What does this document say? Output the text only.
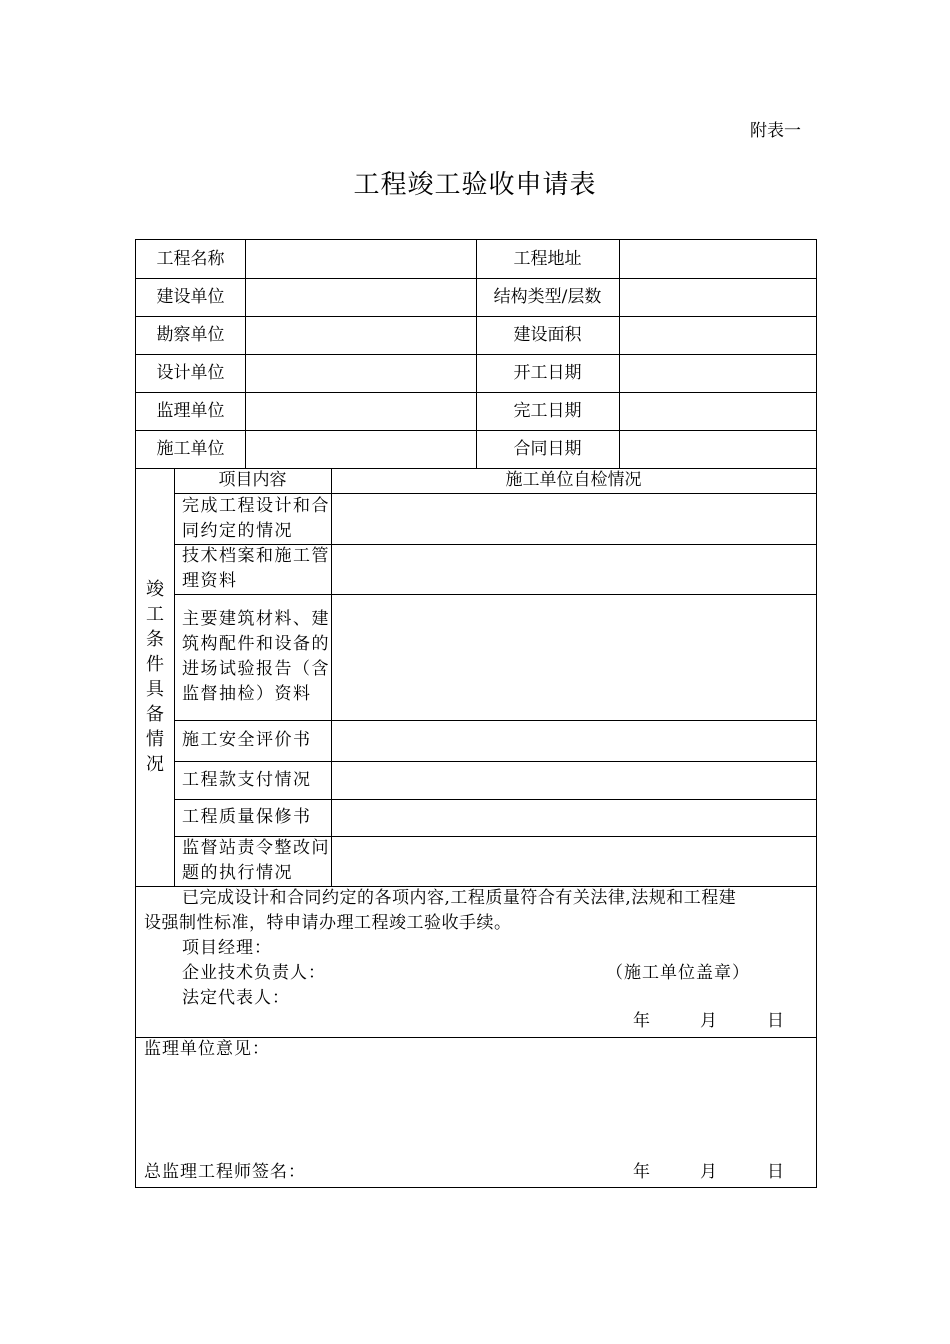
附表一
工程竣工验收申请表
工程名称	工程地址
建设单位	结构类型/层数
勘察单位	建设面积
设计单位	开工日期
监理单位	完工日期
施工单位	合同日期
竣工条件具备情况
项目内容	施工单位自检情况
完成工程设计和合同约定的情况
技术档案和施工管理资料
主要建筑材料、建筑构配件和设备的进场试验报告（含监督抽检）资料
施工安全评价书
工程款支付情况
工程质量保修书
监督站责令整改问题的执行情况
已完成设计和合同约定的各项内容,工程质量符合有关法律,法规和工程建
设强制性标准，特申请办理工程竣工验收手续。
项目经理：
企业技术负责人：	（施工单位盖章）
法定代表人：
年	月	日
监理单位意见：
总监理工程师签名：	年	月	日
